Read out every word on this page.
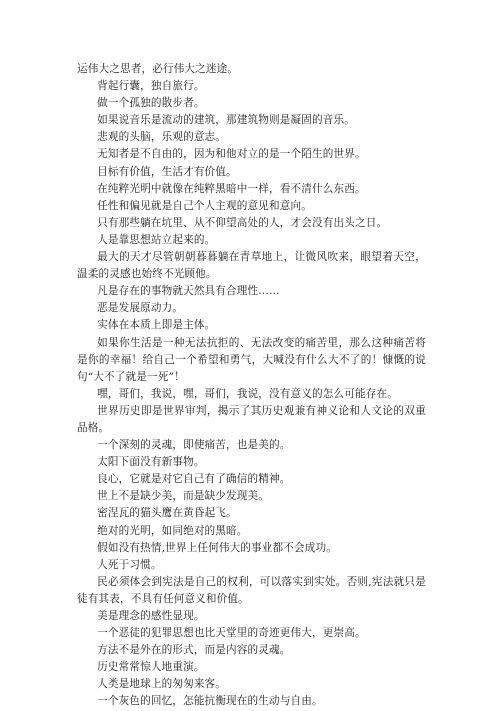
运伟大之思者，必行伟大之迷途。

背起行囊，独自旅行。

做一个孤独的散步者。

如果说音乐是流动的建筑，那建筑物则是凝固的音乐。

悲观的头脑，乐观的意志。

无知者是不自由的，因为和他对立的是一个陌生的世界。

目标有价值，生活才有价值。

在纯粹光明中就像在纯粹黑暗中一样，看不清什么东西。

任性和偏见就是自己个人主观的意见和意向。

只有那些躺在坑里、从不仰望高处的人，才会没有出头之日。

人是靠思想站立起来的。

最大的天才尽管朝朝暮暮躺在青草地上，让微风吹来，眼望着天空，温柔的灵感也始终不光顾他。

凡是存在的事物就天然具有合理性……

恶是发展原动力。

实体在本质上即是主体。

如果你生活是一种无法抗拒的、无法改变的痛苦里，那么这种痛苦将是你的幸福！给自己一个希望和勇气，大喊没有什么大不了的！慷慨的说句“大不了就是一死”！

嘿，哥们，我说，嘿，哥们，我说，没有意义的怎么可能存在。

世界历史即是世界审判，揭示了其历史观兼有神义论和人文论的双重品格。

一个深刻的灵魂，即使痛苦，也是美的。

太阳下面没有新事物。

良心，它就是对它自己有了确信的精神。

世上不是缺少美，而是缺少发现美。

密涅瓦的猫头鹰在黄昏起飞。

绝对的光明，如同绝对的黑暗。

假如没有热情,世界上任何伟大的事业都不会成功。

人死于习惯。

民必须体会到宪法是自己的权利，可以落实到实处。否则,宪法就只是徒有其表，不具有任何意义和价值。

美是理念的感性显现。

一个恶徒的犯罪思想也比天堂里的奇迹更伟大，更崇高。

方法不是外在的形式，而是内容的灵魂。

历史常常惊人地重演。

人类是地球上的匆匆来客。

一个灰色的回忆，怎能抗衡现在的生动与自由。
